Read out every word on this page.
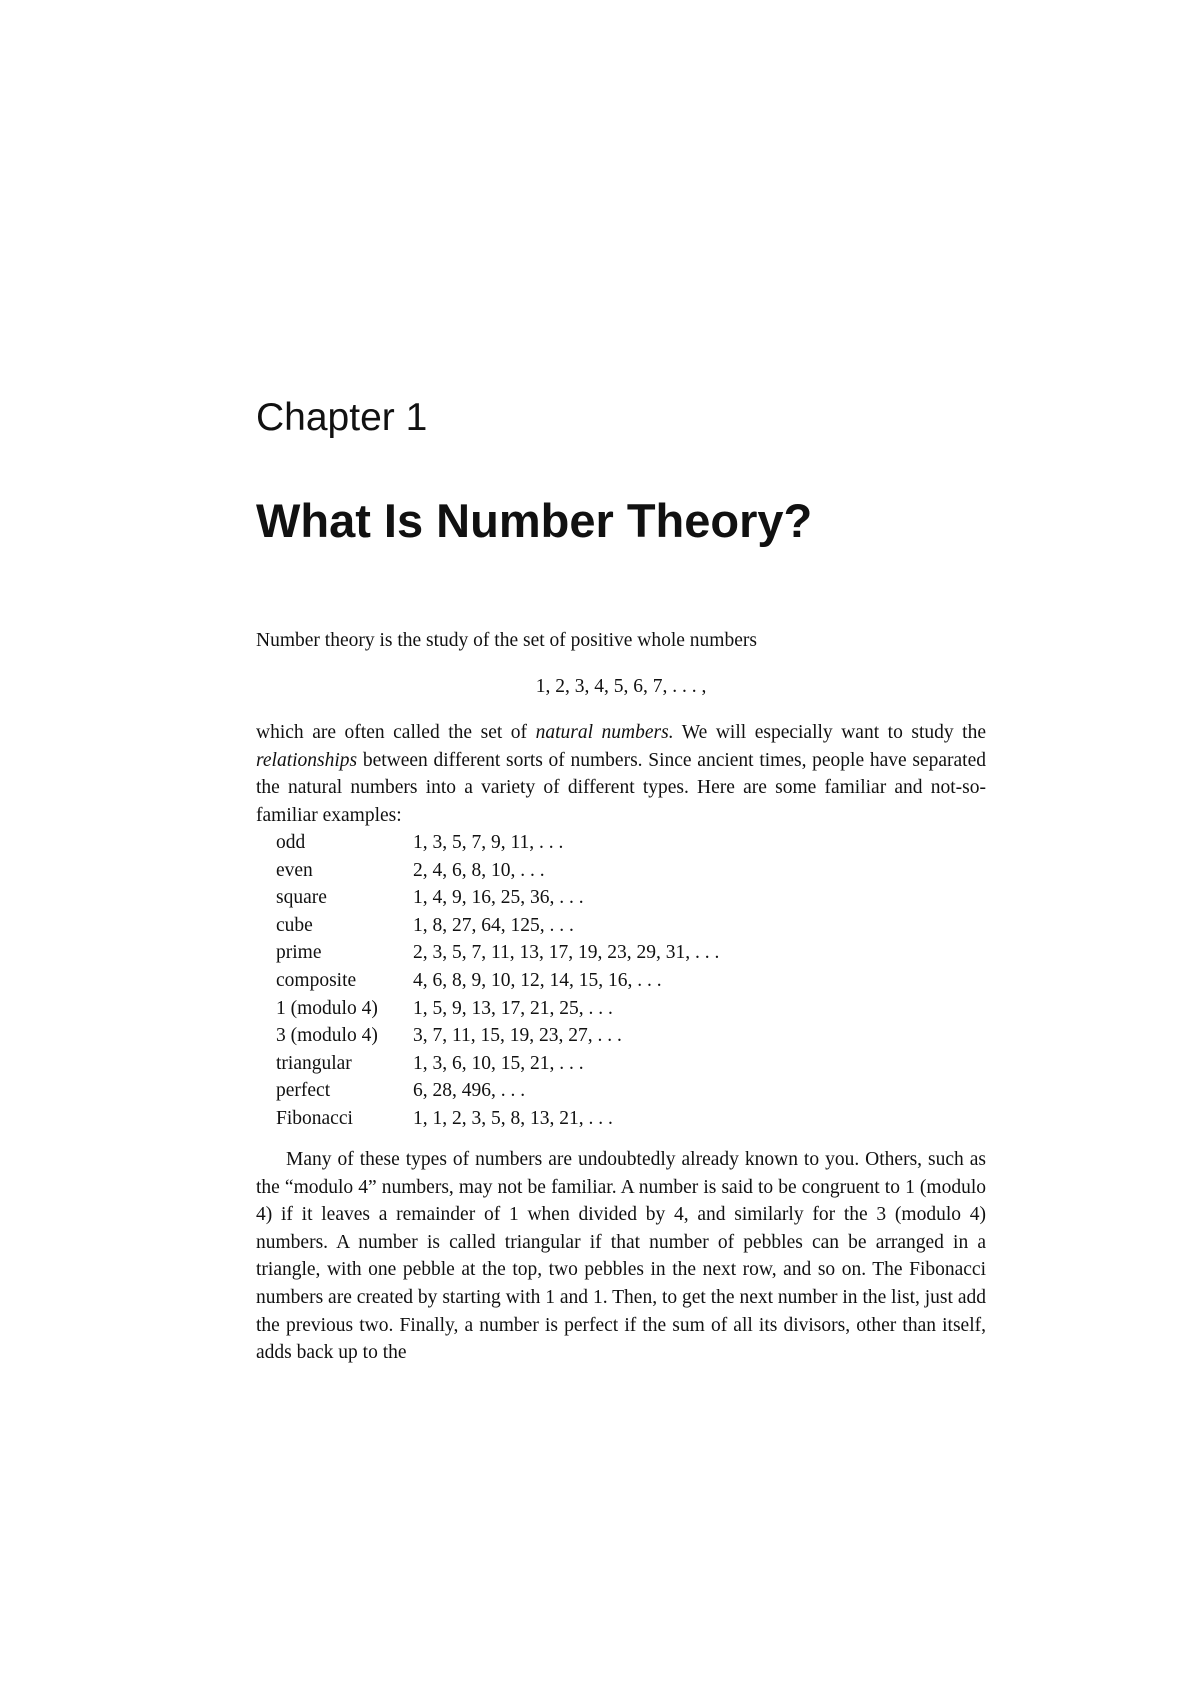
Chapter 1
What Is Number Theory?

Number theory is the study of the set of positive whole numbers

1, 2, 3, 4, 5, 6, 7, . . . ,

which are often called the set of natural numbers. We will especially want to study the relationships between different sorts of numbers. Since ancient times, people have separated the natural numbers into a variety of different types. Here are some familiar and not-so-familiar examples:

odd	1, 3, 5, 7, 9, 11, . . .
even	2, 4, 6, 8, 10, . . .
square	1, 4, 9, 16, 25, 36, . . .
cube	1, 8, 27, 64, 125, . . .
prime	2, 3, 5, 7, 11, 13, 17, 19, 23, 29, 31, . . .
composite	4, 6, 8, 9, 10, 12, 14, 15, 16, . . .
1 (modulo 4)	1, 5, 9, 13, 17, 21, 25, . . .
3 (modulo 4)	3, 7, 11, 15, 19, 23, 27, . . .
triangular	1, 3, 6, 10, 15, 21, . . .
perfect	6, 28, 496, . . .
Fibonacci	1, 1, 2, 3, 5, 8, 13, 21, . . .

Many of these types of numbers are undoubtedly already known to you. Others, such as the “modulo 4” numbers, may not be familiar. A number is said to be congruent to 1 (modulo 4) if it leaves a remainder of 1 when divided by 4, and similarly for the 3 (modulo 4) numbers. A number is called triangular if that number of pebbles can be arranged in a triangle, with one pebble at the top, two pebbles in the next row, and so on. The Fibonacci numbers are created by starting with 1 and 1. Then, to get the next number in the list, just add the previous two. Finally, a number is perfect if the sum of all its divisors, other than itself, adds back up to the
